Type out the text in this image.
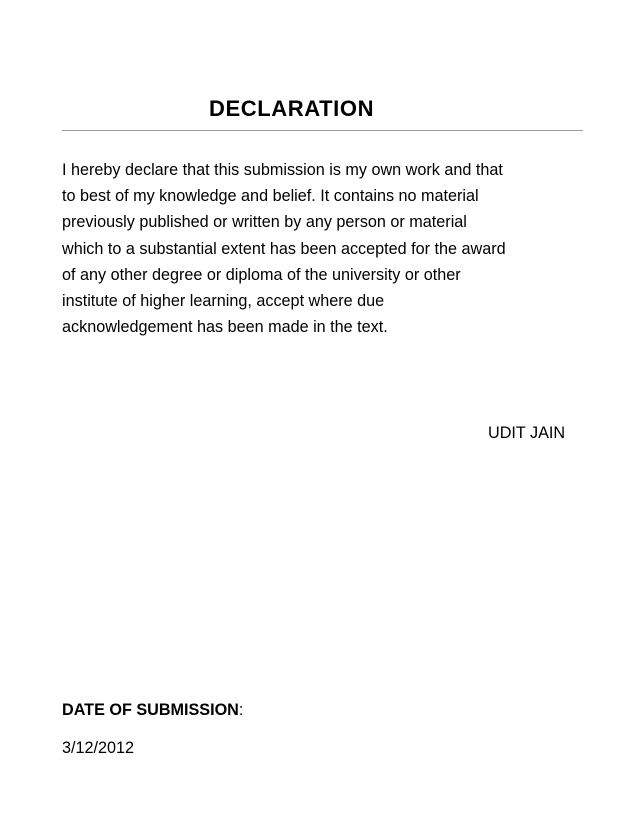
DECLARATION

I hereby declare that this submission is my own work and that
to best of my knowledge and belief. It contains no material
previously published or written by any person or material
which to a substantial extent has been accepted for the award
of any other degree or diploma of the university or other
institute of higher learning, accept where due
acknowledgement has been made in the text.

UDIT JAIN

DATE OF SUBMISSION:

3/12/2012
